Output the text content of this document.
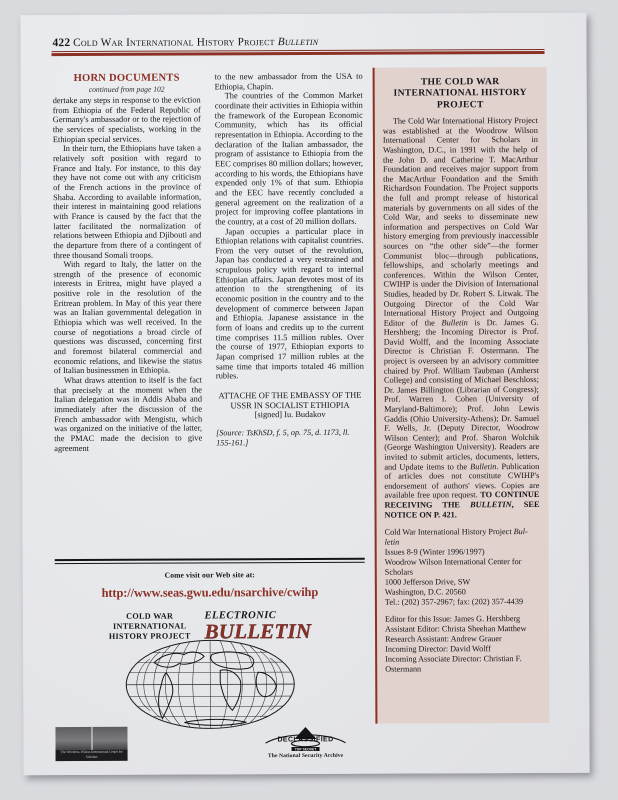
422 Cold War International History Project Bulletin
HORN DOCUMENTS
continued from page 102

dertake any steps in response to the eviction from Ethiopia of the Federal Republic of Germany's ambassador or to the rejection of the services of specialists, working in the Ethiopian special services.

In their turn, the Ethiopians have taken a relatively soft position with regard to France and Italy. For instance, to this day they have not come out with any criticism of the French actions in the province of Shaba. According to available information, their interest in maintaining good relations with France is caused by the fact that the latter facilitated the normalization of relations between Ethiopia and Djibouti and the departure from there of a contingent of three thousand Somali troops.

With regard to Italy, the latter on the strength of the presence of economic interests in Eritrea, might have played a positive role in the resolution of the Eritrean problem. In May of this year there was an Italian governmental delegation in Ethiopia which was well received. In the course of negotiations a broad circle of questions was discussed, concerning first and foremost bilateral commercial and economic relations, and likewise the status of Italian businessmen in Ethiopia.

What draws attention to itself is the fact that precisely at the moment when the Italian delegation was in Addis Ababa and immediately after the discussion of the French ambassador with Mengistu, which was organized on the initiative of the latter, the PMAC made the decision to give agreement

to the new ambassador from the USA to Ethiopia, Chapin.

The countries of the Common Market coordinate their activities in Ethiopia within the framework of the European Economic Community, which has its official representation in Ethiopia. According to the declaration of the Italian ambassador, the program of assistance to Ethiopia from the EEC comprises 80 million dollars; however, according to his words, the Ethiopians have expended only 1% of that sum. Ethiopia and the EEC have recently concluded a general agreement on the realization of a project for improving coffee plantations in the country, at a cost of 20 million dollars.

Japan occupies a particular place in Ethiopian relations with capitalist countries. From the very outset of the revolution, Japan has conducted a very restrained and scrupulous policy with regard to internal Ethiopian affairs. Japan devotes most of its attention to the strengthening of its economic position in the country and to the development of commerce between Japan and Ethiopia. Japanese assistance in the form of loans and credits up to the current time comprises 11.5 million rubles. Over the course of 1977, Ethiopian exports to Japan comprised 17 million rubles at the same time that imports totaled 46 million rubles.

ATTACHE OF THE EMBASSY OF THE
USSR IN SOCIALIST ETHIOPIA
[signed] Iu. Budakov
[Source: TsKhSD, f. 5, op. 75, d. 1173, ll. 155-161.]
THE COLD WAR INTERNATIONAL HISTORY PROJECT

The Cold War International History Project was established at the Woodrow Wilson International Center for Scholars in Washington, D.C., in 1991 with the help of the John D. and Catherine T. MacArthur Foundation and receives major support from the MacArthur Foundation and the Smith Richardson Foundation. The Project supports the full and prompt release of historical materials by governments on all sides of the Cold War, and seeks to disseminate new information and perspectives on Cold War history emerging from previously inaccessible sources on “the other side”—the former Communist bloc—through publications, fellowships, and scholarly meetings and conferences. Within the Wilson Center, CWIHP is under the Division of International Studies, headed by Dr. Robert S. Litwak. The Outgoing Director of the Cold War International History Project and Outgoing Editor of the Bulletin is Dr. James G. Hershberg; the Incoming Director is Prof. David Wolff, and the Incoming Associate Director is Christian F. Ostermann. The project is overseen by an advisory committee chaired by Prof. William Taubman (Amherst College) and consisting of Michael Beschloss; Dr. James Billington (Librarian of Congress); Prof. Warren I. Cohen (University of Maryland-Baltimore); Prof. John Lewis Gaddis (Ohio University-Athens); Dr. Samuel F. Wells, Jr. (Deputy Director, Woodrow Wilson Center); and Prof. Sharon Wolchik (George Washington University). Readers are invited to submit articles, documents, letters, and Update items to the Bulletin. Publication of articles does not constitute CWIHP's endorsement of authors' views. Copies are available free upon request. TO CONTINUE RECEIVING THE BULLETIN, SEE NOTICE ON P. 421.

Cold War International History Project Bul-
letin
Issues 8-9 (Winter 1996/1997)
Woodrow Wilson International Center for Scholars
1000 Jefferson Drive, SW
Washington, D.C. 20560
Tel.: (202) 357-2967; fax: (202) 357-4439
Editor for this Issue: James G. Hershberg
Assistant Editor: Christa Sheehan Matthew
Research Assistant: Andrew Grauer
Incoming Director: David Wolff
Incoming Associate Director: Christian F. Ostermann
Come visit our Web site at:
http://www.seas.gwu.edu/nsarchive/cwihp
COLD WAR
INTERNATIONAL
HISTORY PROJECT
ELECTRONIC
BULLETIN
The Woodrow Wilson International Center for Scholars
TOP SECRET
DECLASSIFIED
The National Security Archive
